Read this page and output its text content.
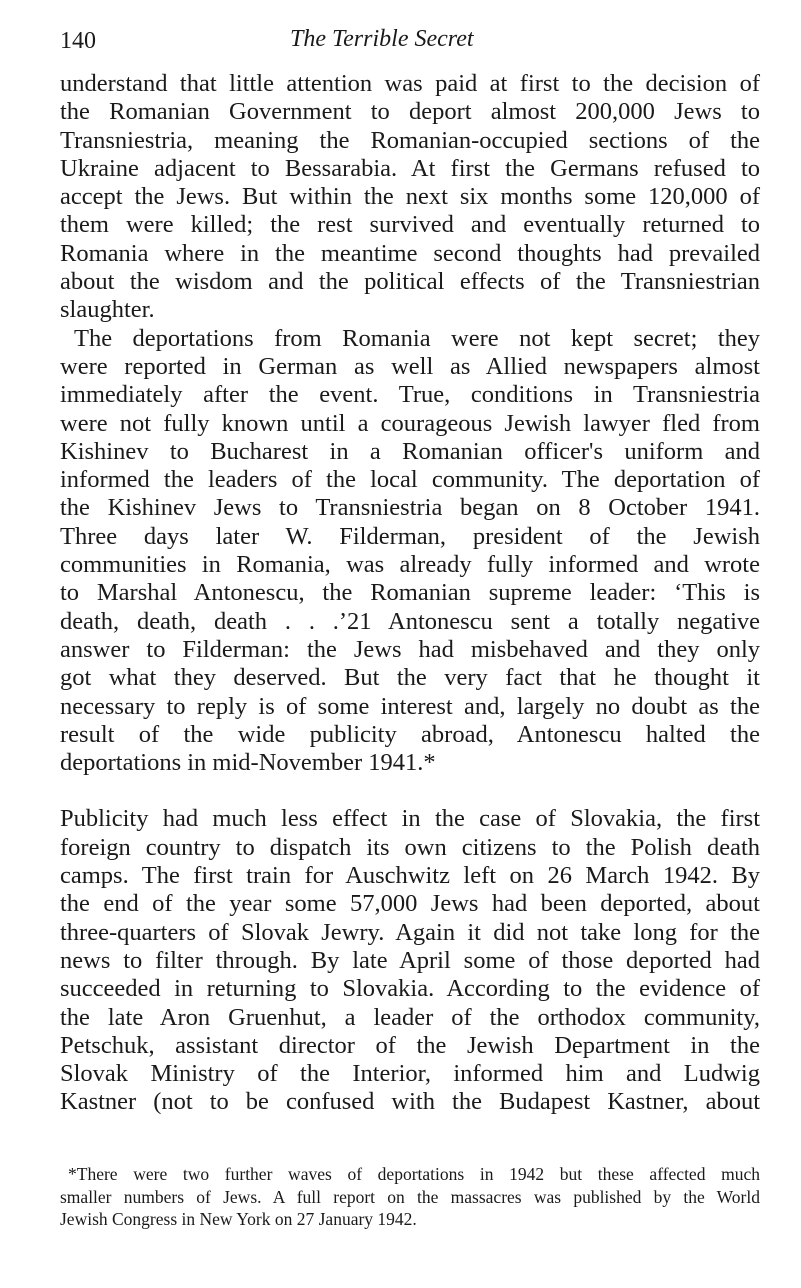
140	The Terrible Secret
understand that little attention was paid at first to the decision of
the Romanian Government to deport almost 200,000 Jews to
Transniestria, meaning the Romanian-occupied sections of the
Ukraine adjacent to Bessarabia. At first the Germans refused to
accept the Jews. But within the next six months some 120,000 of
them were killed; the rest survived and eventually returned to
Romania where in the meantime second thoughts had prevailed
about the wisdom and the political effects of the Transniestrian
slaughter.
The deportations from Romania were not kept secret; they
were reported in German as well as Allied newspapers almost
immediately after the event. True, conditions in Transniestria
were not fully known until a courageous Jewish lawyer fled from
Kishinev to Bucharest in a Romanian officer's uniform and
informed the leaders of the local community. The deportation of
the Kishinev Jews to Transniestria began on 8 October 1941.
Three days later W. Filderman, president of the Jewish
communities in Romania, was already fully informed and wrote
to Marshal Antonescu, the Romanian supreme leader: ‘This is
death, death, death . . .’21 Antonescu sent a totally negative
answer to Filderman: the Jews had misbehaved and they only
got what they deserved. But the very fact that he thought it
necessary to reply is of some interest and, largely no doubt as the
result of the wide publicity abroad, Antonescu halted the
deportations in mid-November 1941.*
Publicity had much less effect in the case of Slovakia, the first
foreign country to dispatch its own citizens to the Polish death
camps. The first train for Auschwitz left on 26 March 1942. By
the end of the year some 57,000 Jews had been deported, about
three-quarters of Slovak Jewry. Again it did not take long for the
news to filter through. By late April some of those deported had
succeeded in returning to Slovakia. According to the evidence of
the late Aron Gruenhut, a leader of the orthodox community,
Petschuk, assistant director of the Jewish Department in the
Slovak Ministry of the Interior, informed him and Ludwig
Kastner (not to be confused with the Budapest Kastner, about
*There were two further waves of deportations in 1942 but these affected much
smaller numbers of Jews. A full report on the massacres was published by the World
Jewish Congress in New York on 27 January 1942.
